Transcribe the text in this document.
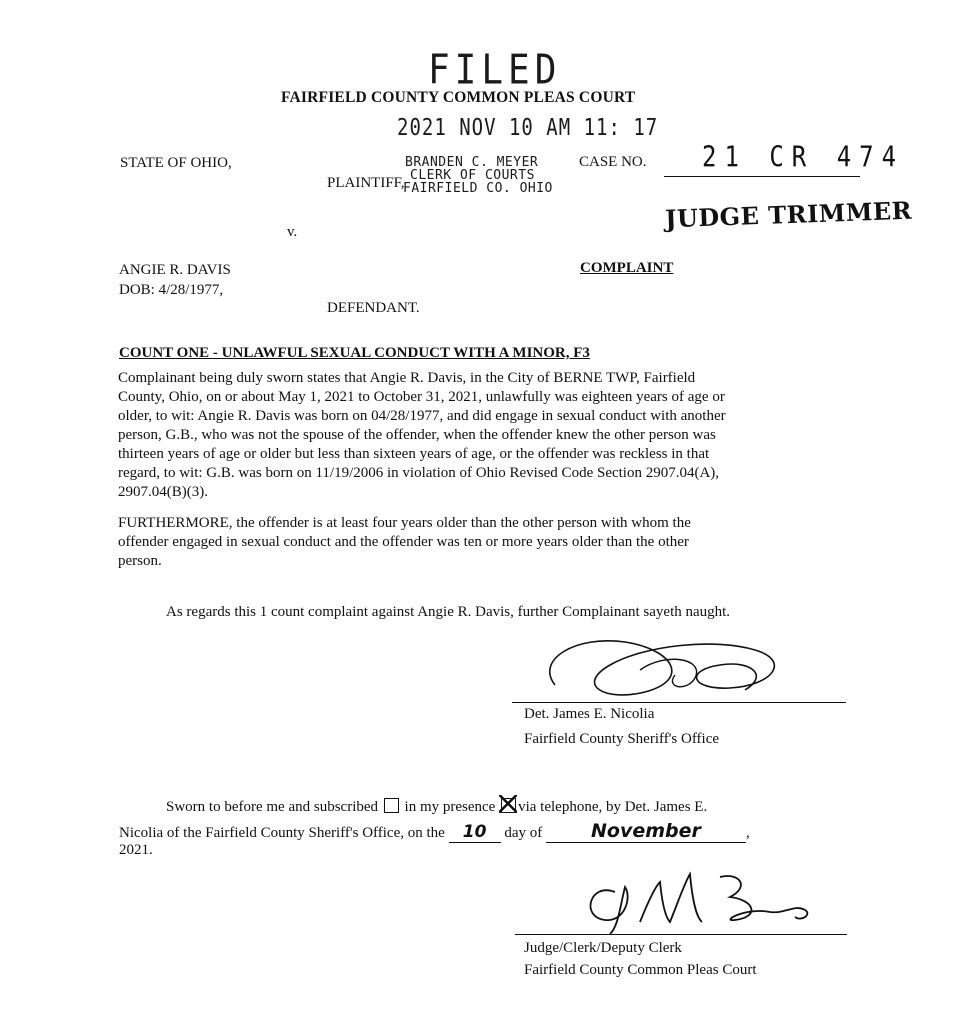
FILED
FAIRFIELD COUNTY COMMON PLEAS COURT
2021 NOV 10 AM 11: 17
STATE OF OHIO,	BRANDEN C. MEYER
PLAINTIFF, CLERK OF COURTS
FAIRFIELD CO. OHIO
CASE NO. 21 CR 474
JUDGE TRIMMER
v.
ANGIE R. DAVIS
DOB: 4/28/1977,
DEFENDANT.
COMPLAINT
COUNT ONE - UNLAWFUL SEXUAL CONDUCT WITH A MINOR, F3
Complainant being duly sworn states that Angie R. Davis, in the City of BERNE TWP, Fairfield
County, Ohio, on or about May 1, 2021 to October 31, 2021, unlawfully was eighteen years of age or
older, to wit: Angie R. Davis was born on 04/28/1977, and did engage in sexual conduct with another
person, G.B., who was not the spouse of the offender, when the offender knew the other person was
thirteen years of age or older but less than sixteen years of age, or the offender was reckless in that
regard, to wit: G.B. was born on 11/19/2006 in violation of Ohio Revised Code Section 2907.04(A),
2907.04(B)(3).
FURTHERMORE, the offender is at least four years older than the other person with whom the
offender engaged in sexual conduct and the offender was ten or more years older than the other
person.
As regards this 1 count complaint against Angie R. Davis, further Complainant sayeth naught.
Det. James E. Nicolia
Fairfield County Sheriff's Office
Sworn to before me and subscribed in my presence via telephone, by Det. James E.
Nicolia of the Fairfield County Sheriff's Office, on the 10 day of	November	,
2021.
Judge/Clerk/Deputy Clerk
Fairfield County Common Pleas Court
